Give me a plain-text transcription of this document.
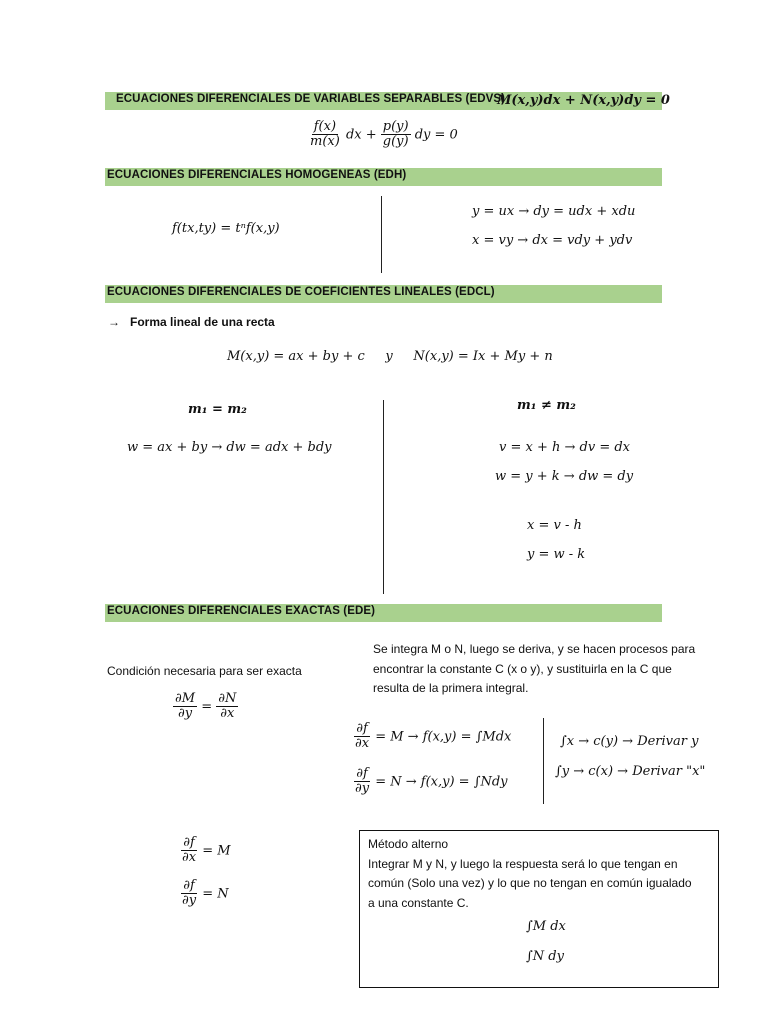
ECUACIONES DIFERENCIALES DE VARIABLES SEPARABLES (EDVS)
M(x,y)dx + N(x,y)dy = 0
$\frac{f(x)}{m(x)}$ dx + $\frac{p(y)}{g(y)}$ dy = 0
ECUACIONES DIFERENCIALES HOMOGENEAS (EDH)
f(tx,ty) = tⁿf(x,y)
y = ux → dy = udx + xdu
x = vy → dx = vdy + ydv
ECUACIONES DIFERENCIALES DE COEFICIENTES LINEALES (EDCL)
→ Forma lineal de una recta
M(x,y) = ax + by + c     y     N(x,y) = Ix + My + n
m₁ = m₂
w = ax + by → dw = adx + bdy
m₁ ≠ m₂
v = x + h → dv = dx
w = y + k → dw = dy
x = v - h
y = w - k
ECUACIONES DIFERENCIALES EXACTAS (EDE)
Se integra M o N, luego se deriva, y se hacen procesos para
encontrar la constante C (x o y), y sustituirla en la C que
resulta de la primera integral.
Condición necesaria para ser exacta
$\frac{\partial M}{\partial y} = \frac{\partial N}{\partial x}$
$\frac{\partial f}{\partial x} = M \to f(x,y) = \int Mdx$
$\frac{\partial f}{\partial y} = N \to f(x,y) = \int Ndy$
∫x → c(y) → Derivar y
∫y → c(x) → Derivar "x"
$\frac{\partial f}{\partial x} = M$
$\frac{\partial f}{\partial y} = N$
Método alterno
Integrar M y N, y luego la respuesta será lo que tengan en
común (Solo una vez) y lo que no tengan en común igualado
a una constante C.
∫M dx
∫N dy
